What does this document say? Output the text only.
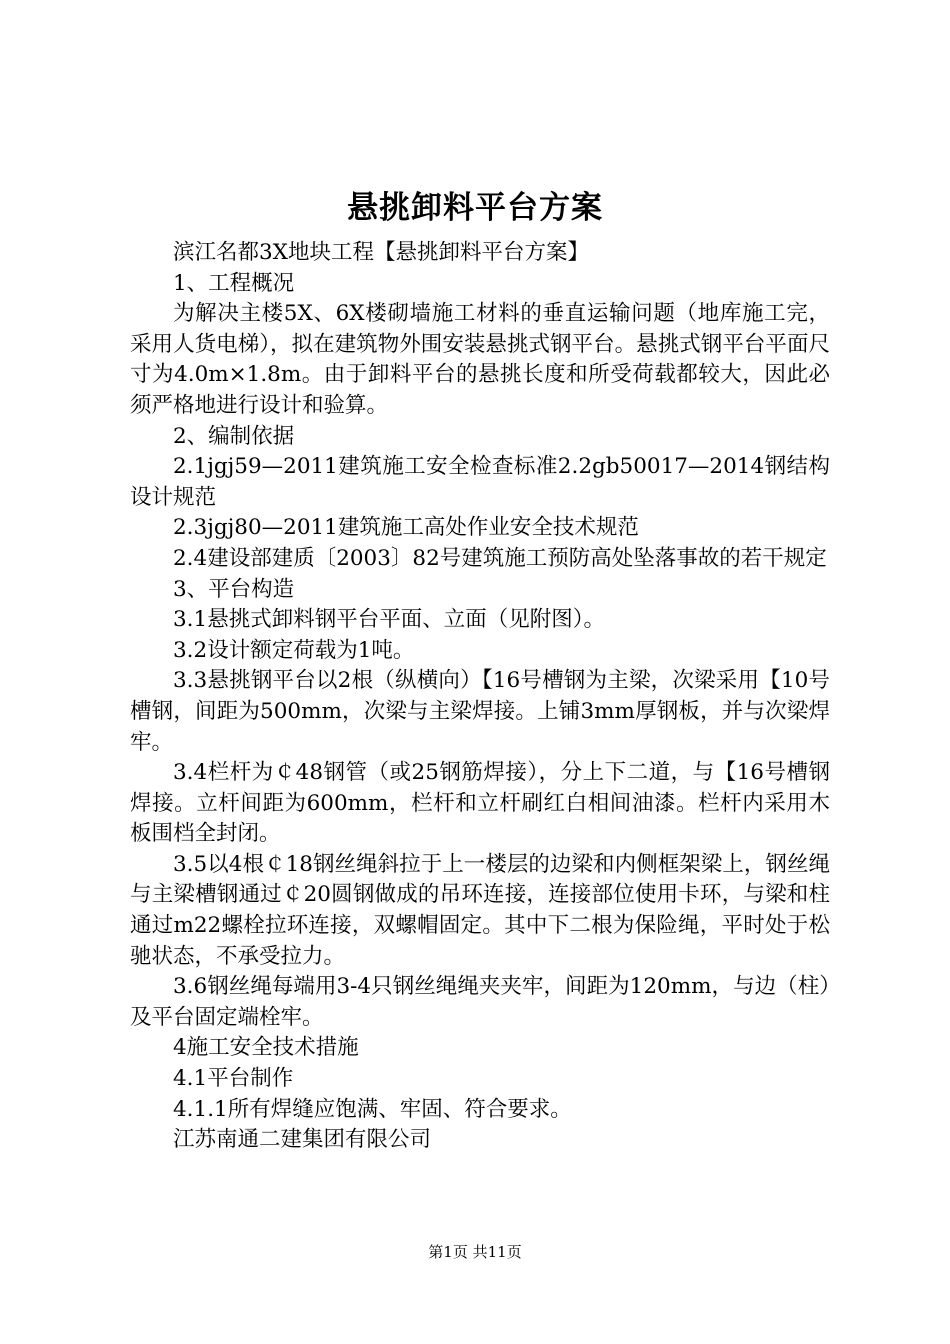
悬挑卸料平台方案

滨江名都3X地块工程【悬挑卸料平台方案】

1、工程概况

为解决主楼5X、6X楼砌墙施工材料的垂直运输问题（地库施工完，采用人货电梯），拟在建筑物外围安装悬挑式钢平台。悬挑式钢平台平面尺寸为4.0m×1.8m。由于卸料平台的悬挑长度和所受荷载都较大，因此必须严格地进行设计和验算。

2、编制依据

2.1jgj59—2011建筑施工安全检查标准2.2gb50017—2014钢结构设计规范

2.3jgj80—2011建筑施工高处作业安全技术规范

2.4建设部建质〔2003〕82号建筑施工预防高处坠落事故的若干规定

3、平台构造

3.1悬挑式卸料钢平台平面、立面（见附图）。

3.2设计额定荷载为1吨。

3.3悬挑钢平台以2根（纵横向）【16号槽钢为主梁，次梁采用【10号槽钢，间距为500mm，次梁与主梁焊接。上铺3mm厚钢板，并与次梁焊牢。

3.4栏杆为￠48钢管（或25钢筋焊接），分上下二道，与【16号槽钢焊接。立杆间距为600mm，栏杆和立杆刷红白相间油漆。栏杆内采用木板围档全封闭。

3.5以4根￠18钢丝绳斜拉于上一楼层的边梁和内侧框架梁上，钢丝绳与主梁槽钢通过￠20圆钢做成的吊环连接，连接部位使用卡环，与梁和柱通过m22螺栓拉环连接，双螺帽固定。其中下二根为保险绳，平时处于松驰状态，不承受拉力。

3.6钢丝绳每端用3-4只钢丝绳绳夹夹牢，间距为120mm，与边（柱）及平台固定端栓牢。

4施工安全技术措施

4.1平台制作

4.1.1所有焊缝应饱满、牢固、符合要求。

江苏南通二建集团有限公司

第1页 共11页
